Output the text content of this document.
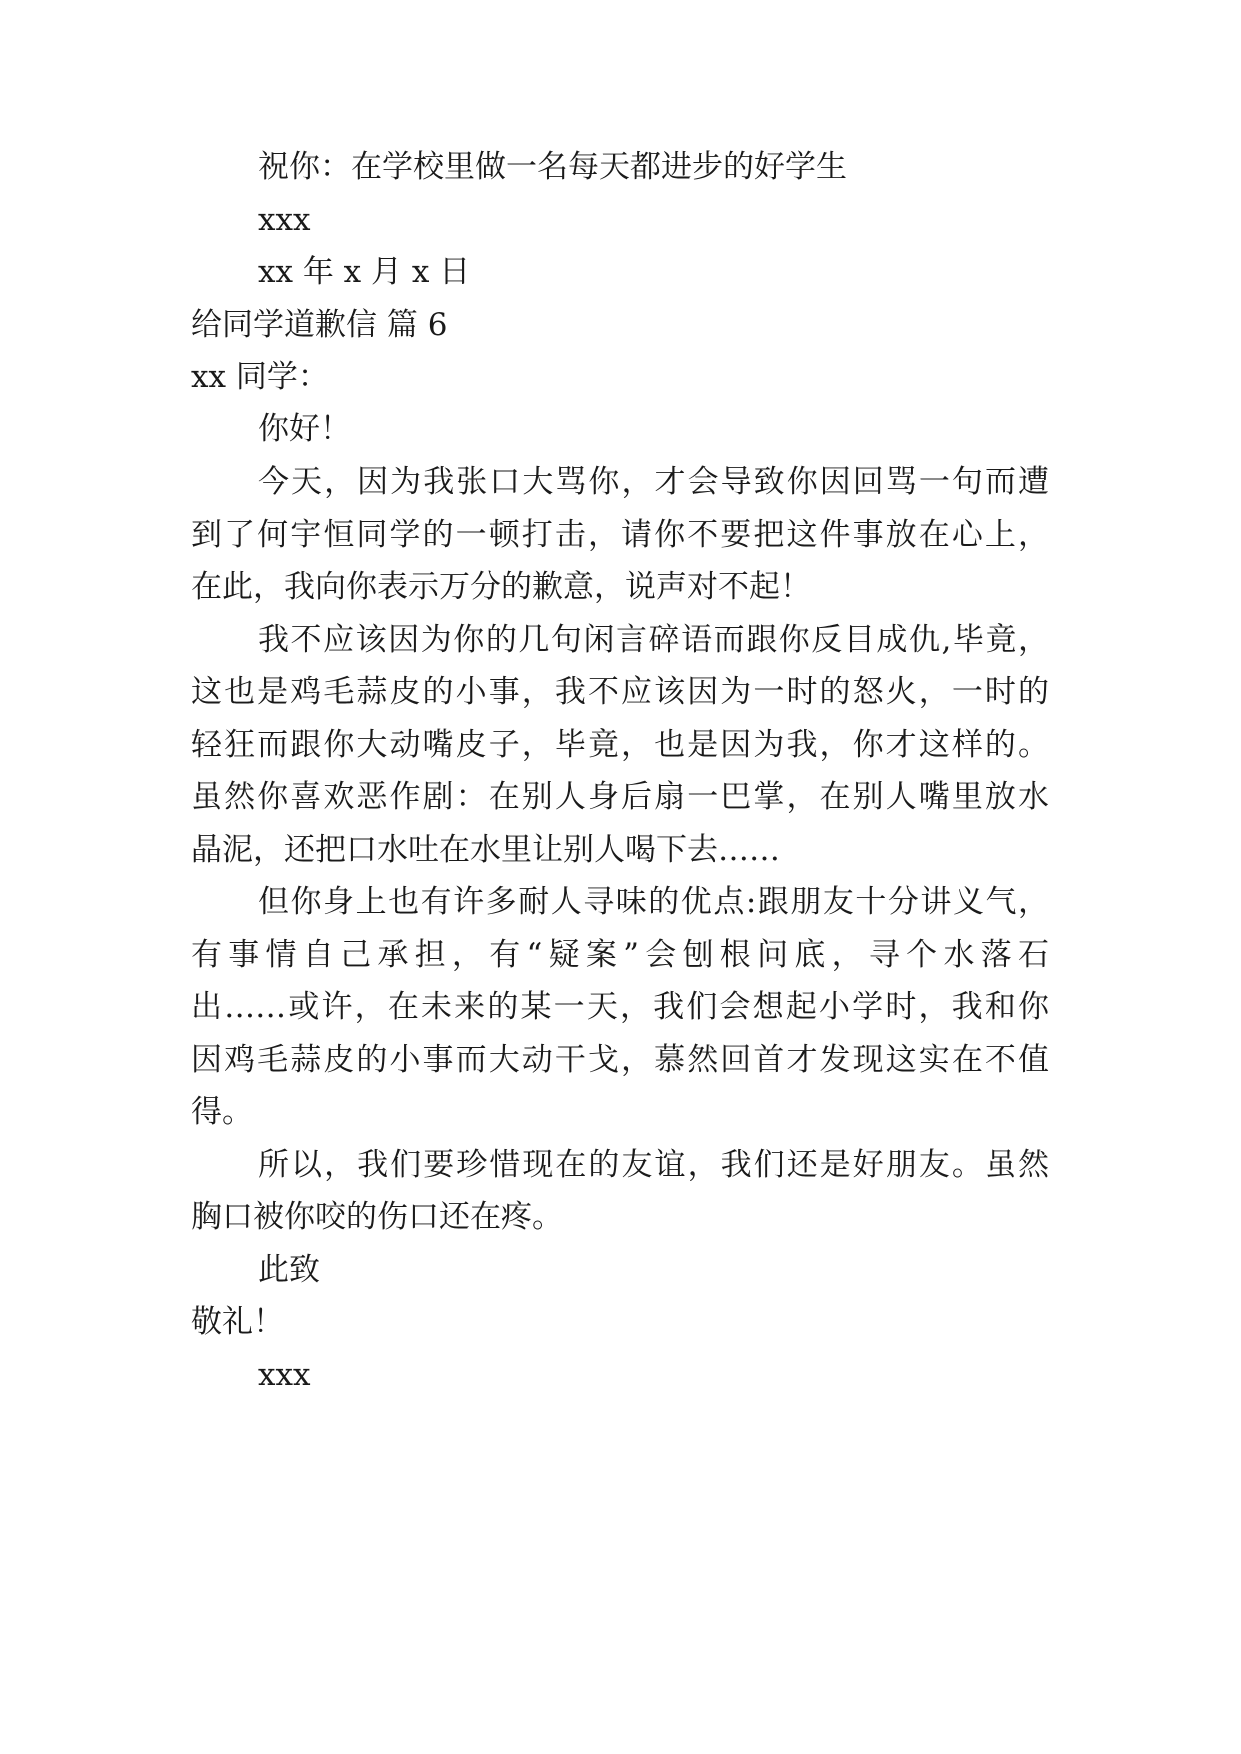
祝你：在学校里做一名每天都进步的好学生
xxx
xx 年 x 月 x 日
给同学道歉信 篇 6
xx 同学：
你好！
今天，因为我张口大骂你，才会导致你因回骂一句而遭
到了何宇恒同学的一顿打击，请你不要把这件事放在心上，
在此，我向你表示万分的歉意，说声对不起！
我不应该因为你的几句闲言碎语而跟你反目成仇,毕竟，
这也是鸡毛蒜皮的小事，我不应该因为一时的怒火，一时的
轻狂而跟你大动嘴皮子，毕竟，也是因为我，你才这样的。
虽然你喜欢恶作剧：在别人身后扇一巴掌，在别人嘴里放水
晶泥，还把口水吐在水里让别人喝下去……
但你身上也有许多耐人寻味的优点:跟朋友十分讲义气，
有事情自己承担，有“疑案”会刨根问底，寻个水落石
出……或许，在未来的某一天，我们会想起小学时，我和你
因鸡毛蒜皮的小事而大动干戈，慕然回首才发现这实在不值
得。
所以，我们要珍惜现在的友谊，我们还是好朋友。虽然
胸口被你咬的伤口还在疼。
此致
敬礼！
xxx
